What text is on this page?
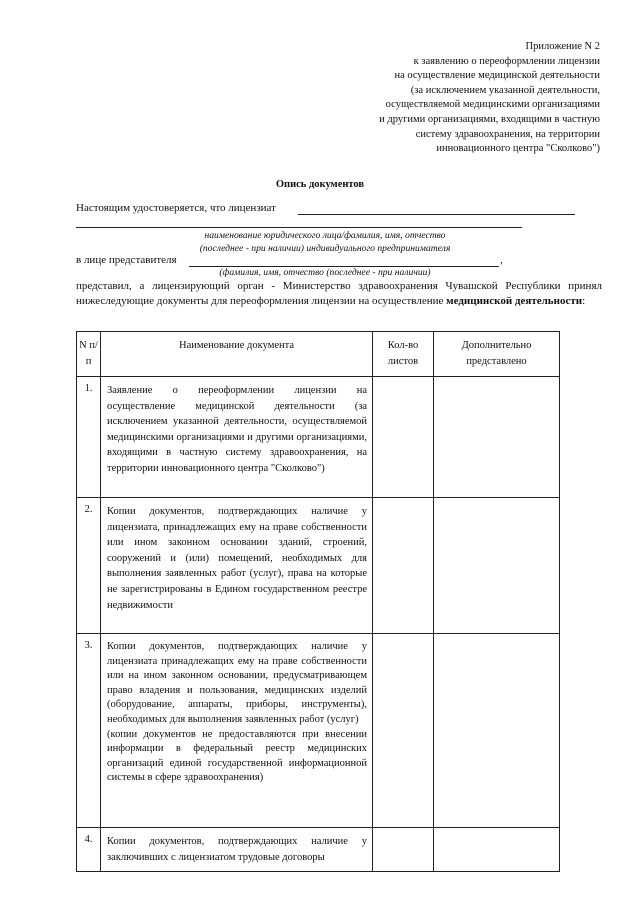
Приложение N 2
к заявлению о переоформлении лицензии
на осуществление медицинской деятельности
(за исключением указанной деятельности,
осуществляемой медицинскими организациями
и другими организациями, входящими в частную
систему здравоохранения, на территории
инновационного центра "Сколково")
Опись документов
Настоящим удостоверяется, что лицензиат
наименование юридического лица/фамилия, имя, отчество
(последнее - при наличии) индивидуального предпринимателя
в лице представителя	,
(фамилия, имя, отчество (последнее - при наличии)
представил, а лицензирующий орган - Министерство здравоохранения Чувашской Республики принял нижеследующие документы для переоформления лицензии на осуществление медицинской деятельности:
N п/п	Наименование документа	Кол-во листов	Дополнительно представлено
1.	Заявление о переоформлении лицензии на осуществление медицинской деятельности (за исключением указанной деятельности, осуществляемой медицинскими организациями и другими организациями, входящими в частную систему здравоохранения, на территории инновационного центра "Сколково")		
2.	Копии документов, подтверждающих наличие у лицензиата, принадлежащих ему на праве собственности или ином законном основании зданий, строений, сооружений и (или) помещений, необходимых для выполнения заявленных работ (услуг), права на которые не зарегистрированы в Едином государственном реестре недвижимости		
3.	Копии документов, подтверждающих наличие у лицензиата принадлежащих ему на праве собственности или на ином законном основании, предусматривающем право владения и пользования, медицинских изделий (оборудование, аппараты, приборы, инструменты), необходимых для выполнения заявленных работ (услуг)
(копии документов не предоставляются при внесении информации в федеральный реестр медицинских организаций единой государственной информационной системы в сфере здравоохранения)		

4.	Копии документов, подтверждающих наличие у заключивших с лицензиатом трудовые договоры		
